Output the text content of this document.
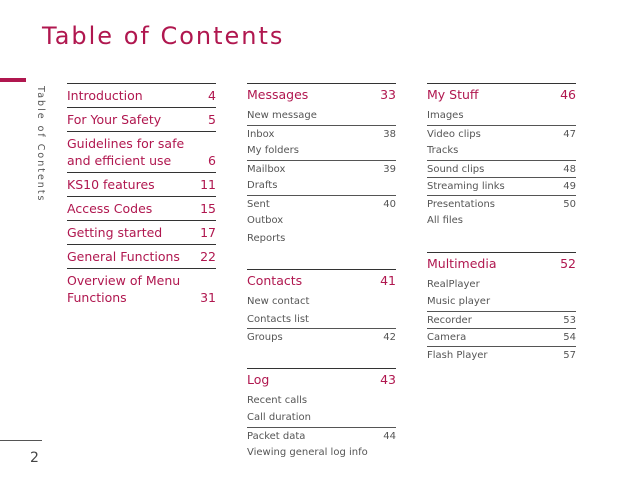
Table of Contents
Table of Contents Introduction	4
For Your Safety	5
Guidelines for safe and efficient use	6
KS10 features	11
Access Codes	15
Getting started	17
General Functions 22
Overview of Menu Functions	31
Messages	33
New message
Inbox	38
My folders
Mailbox	39
Drafts
Sent	40
Outbox
Reports
Contacts	41
New contact
Contacts list
Groups	42
Log	43
Recent calls
Call duration
Packet data	44
Viewing general log info
My Stuff	46
Images
Video clips	47
Tracks
Sound clips	48
Streaming links	49
Presentations	50
All files
Multimedia	52
RealPlayer
Music player
Recorder	53
Camera	54
Flash Player	57
2
